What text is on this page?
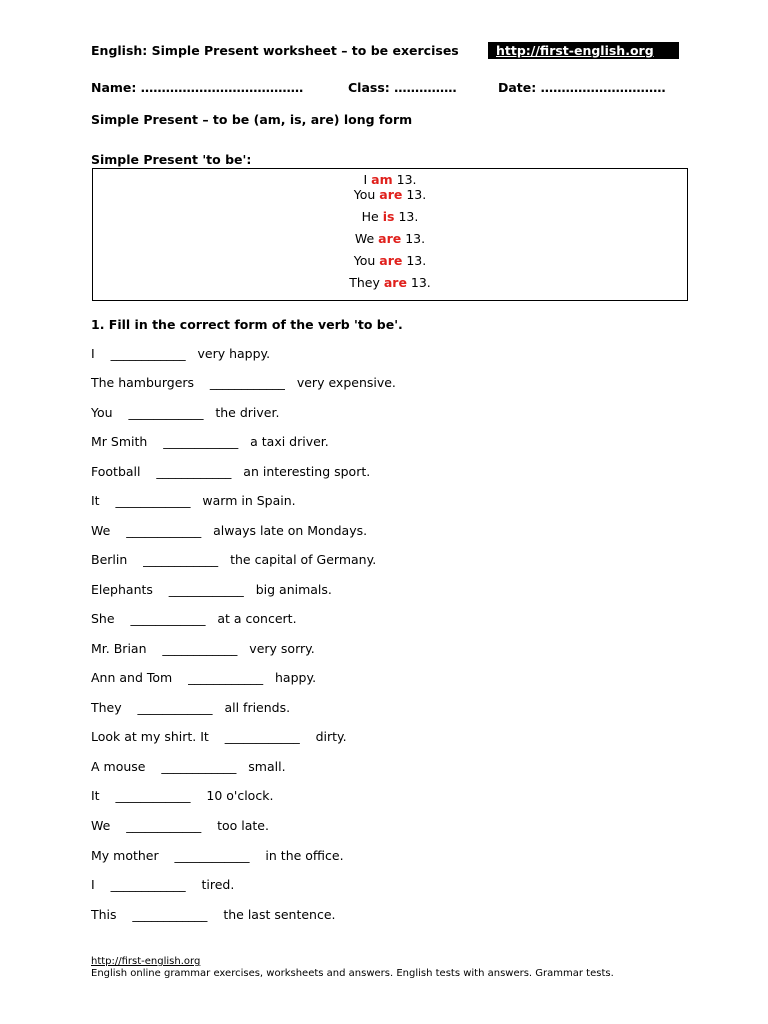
English: Simple Present worksheet – to be exercises	http://first-english.org
Name: …………………………………	Class: ……………	Date: …………………………
Simple Present – to be (am, is, are) long form
Simple Present 'to be':
I am 13.
You are 13.
He is 13.
We are 13.
You are 13.
They are 13.
1. Fill in the correct form of the verb 'to be'.
I    ____________   very happy.
The hamburgers    ____________   very expensive.
You    ____________   the driver.
Mr Smith    ____________   a taxi driver.
Football    ____________   an interesting sport.
It    ____________   warm in Spain.
We    ____________   always late on Mondays.
Berlin    ____________   the capital of Germany.
Elephants    ____________   big animals.
She    ____________   at a concert.
Mr. Brian    ____________   very sorry.
Ann and Tom    ____________   happy.
They    ____________   all friends.
Look at my shirt. It    ____________    dirty.
A mouse    ____________   small.
It    ____________    10 o'clock.
We    ____________    too late.
My mother    ____________    in the office.
I    ____________    tired.
This    ____________    the last sentence.
http://first-english.org
English online grammar exercises, worksheets and answers. English tests with answers. Grammar tests.
